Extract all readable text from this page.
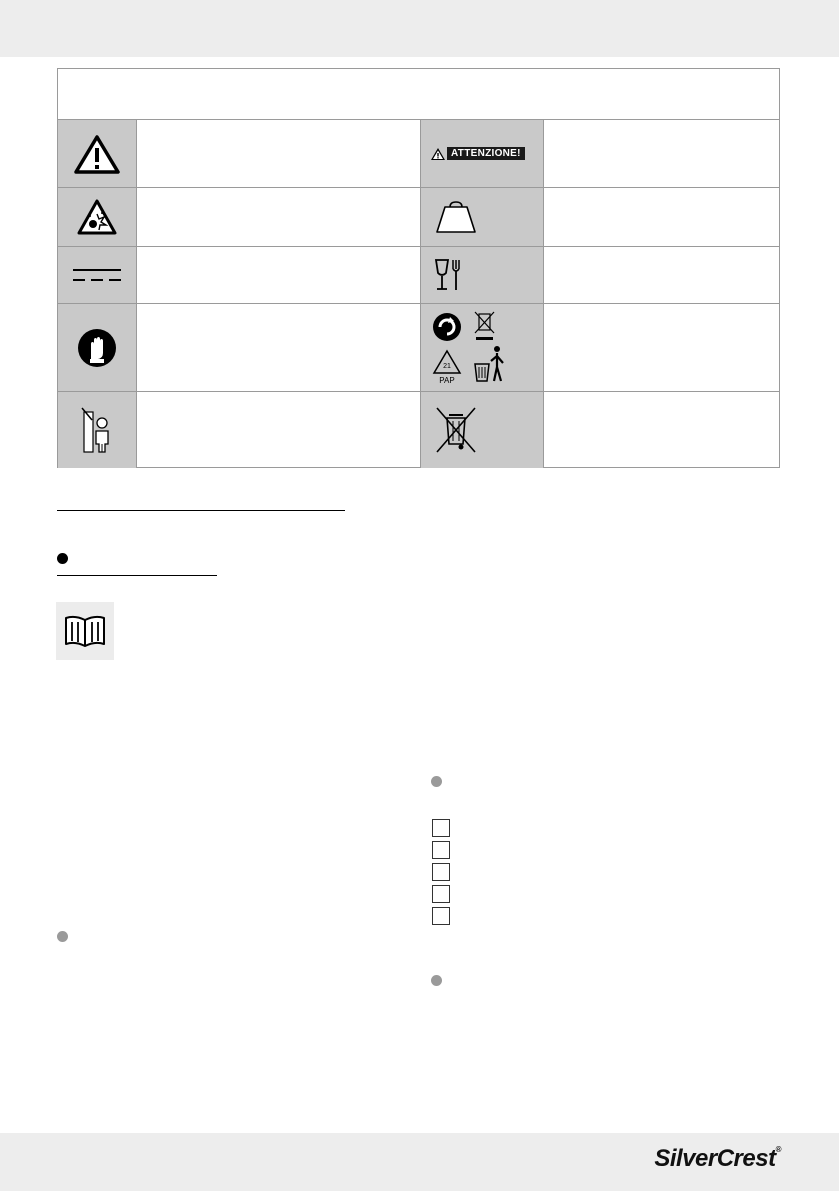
ATTENZIONE!
21
PAP
SilverCrest®
